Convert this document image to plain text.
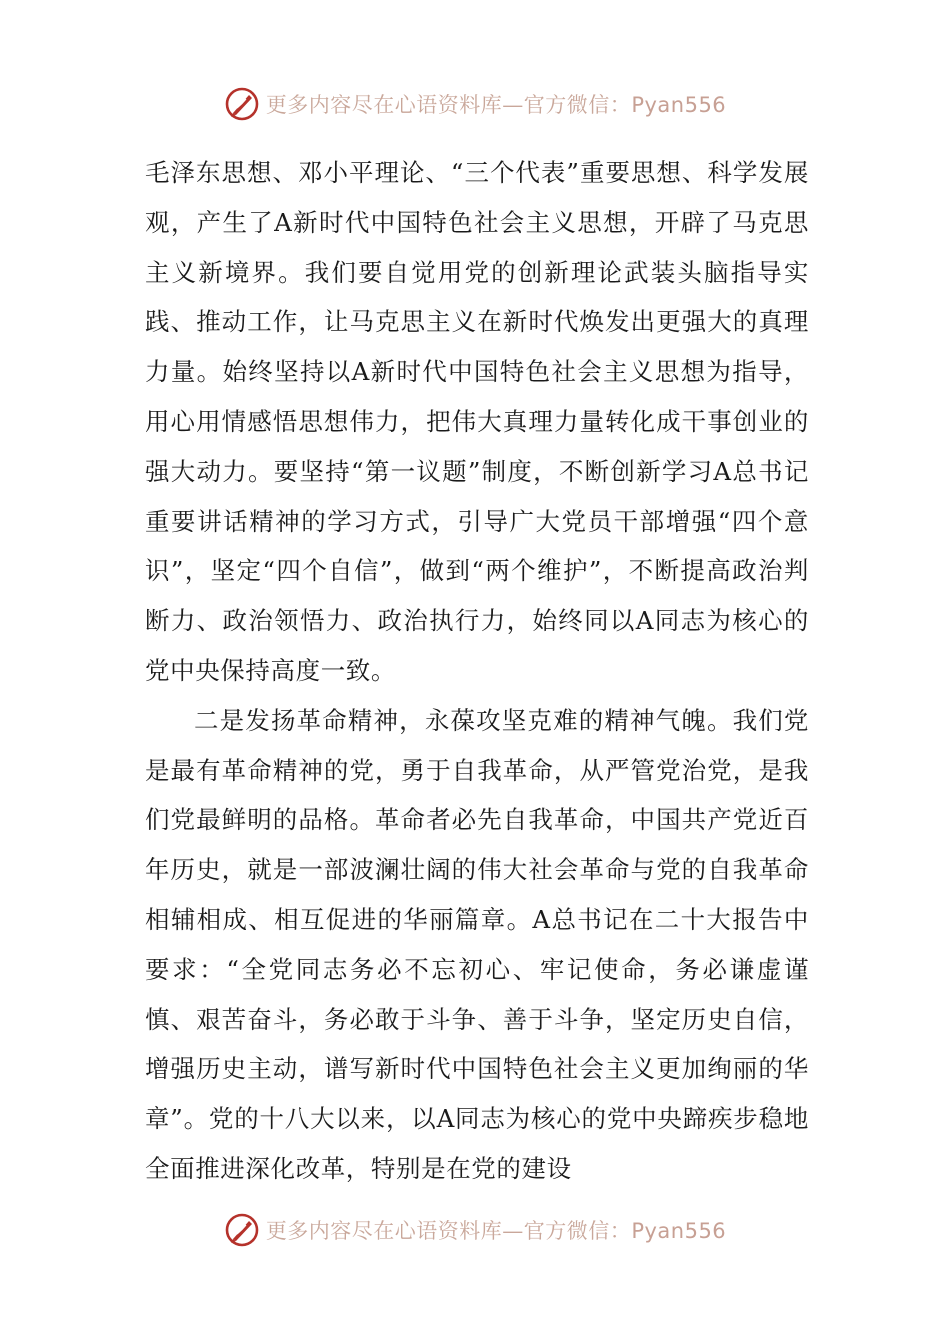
更多内容尽在心语资料库—官方微信：Pyan556

毛泽东思想、邓小平理论、“三个代表”重要思想、科学发展观，产生了A新时代中国特色社会主义思想，开辟了马克思主义新境界。我们要自觉用党的创新理论武装头脑指导实践、推动工作，让马克思主义在新时代焕发出更强大的真理力量。始终坚持以A新时代中国特色社会主义思想为指导，用心用情感悟思想伟力，把伟大真理力量转化成干事创业的强大动力。要坚持“第一议题”制度，不断创新学习A总书记重要讲话精神的学习方式，引导广大党员干部增强“四个意识”，坚定“四个自信”，做到“两个维护”，不断提高政治判断力、政治领悟力、政治执行力，始终同以A同志为核心的党中央保持高度一致。

二是发扬革命精神，永葆攻坚克难的精神气魄。我们党是最有革命精神的党，勇于自我革命，从严管党治党，是我们党最鲜明的品格。革命者必先自我革命，中国共产党近百年历史，就是一部波澜壮阔的伟大社会革命与党的自我革命相辅相成、相互促进的华丽篇章。A总书记在二十大报告中要求：“全党同志务必不忘初心、牢记使命，务必谦虚谨慎、艰苦奋斗，务必敢于斗争、善于斗争，坚定历史自信，增强历史主动，谱写新时代中国特色社会主义更加绚丽的华章”。党的十八大以来，以A同志为核心的党中央蹄疾步稳地全面推进深化改革，特别是在党的建设

更多内容尽在心语资料库—官方微信：Pyan556
